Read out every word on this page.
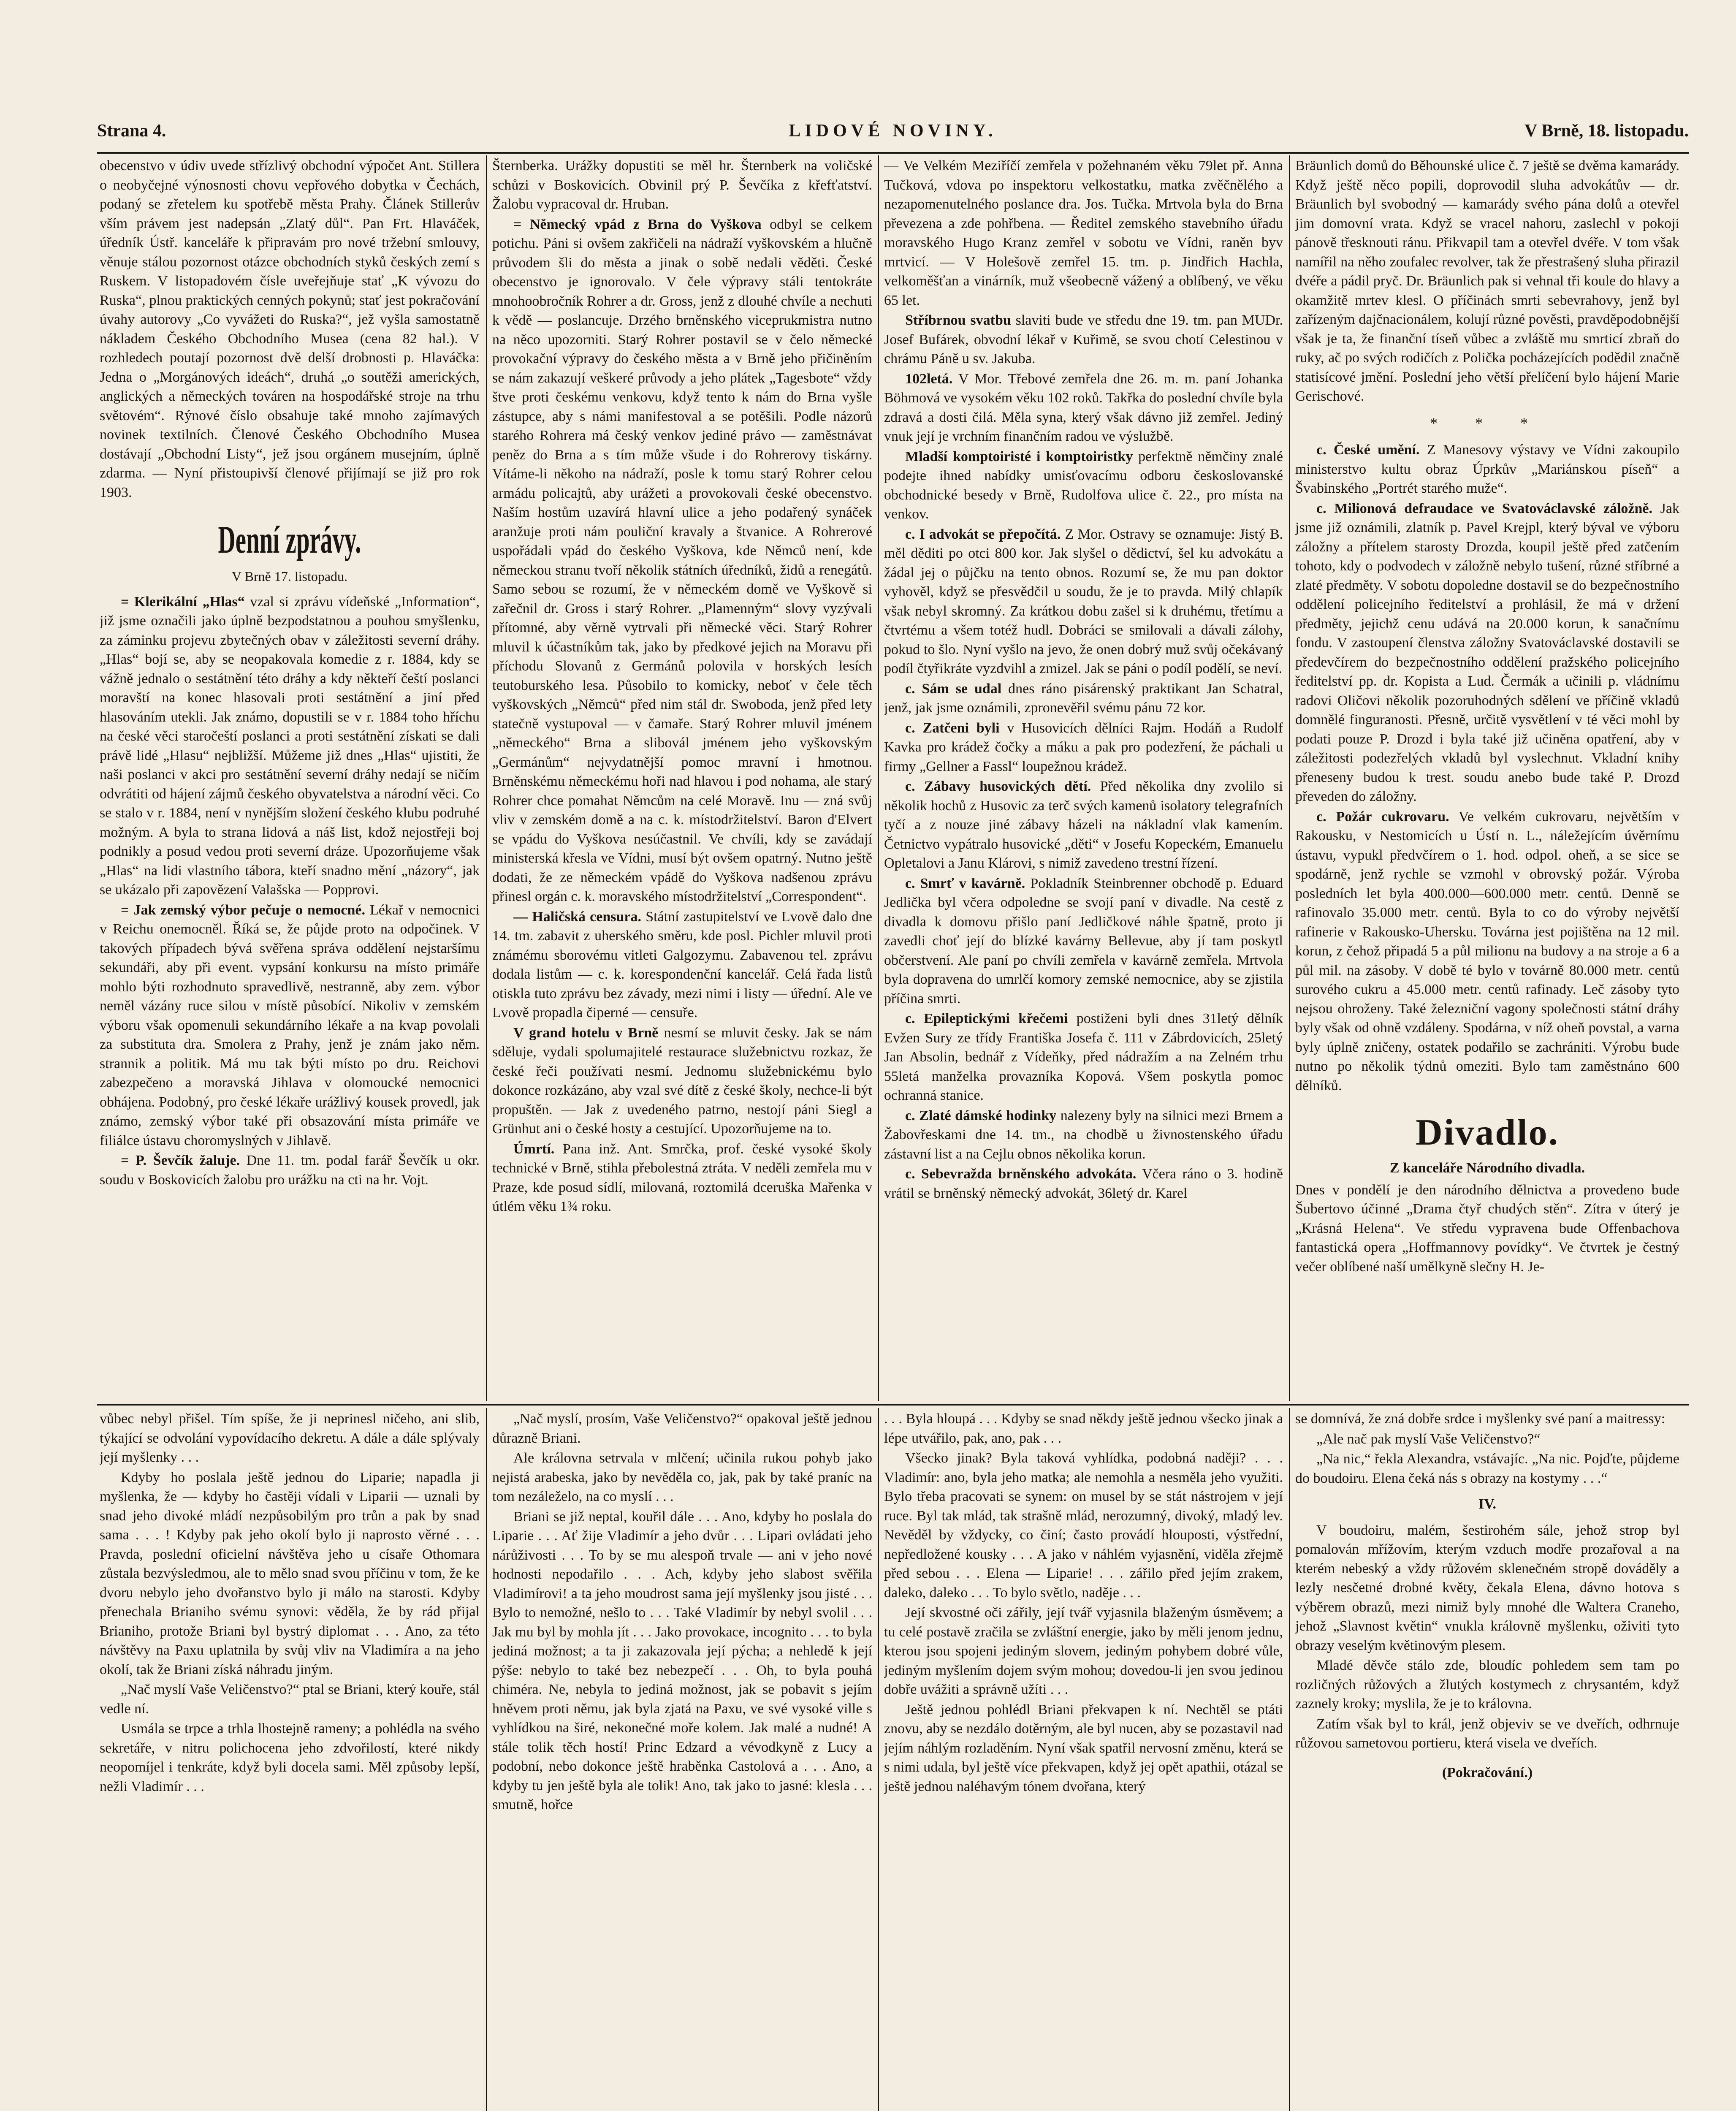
Strana 4.	LIDOVÉ NOVINY.	V Brně, 18. listopadu.

obecenstvo v údiv uvede střízlivý obchodní výpočet Ant. Stillera o neobyčejné výnosnosti chovu vepřového dobytka v Čechách, podaný se zřetelem ku spotřebě města Prahy. Článek Stillerův vším právem jest nadepsán „Zlatý důl“. Pan Frt. Hlaváček, úředník Ústř. kanceláře k připravám pro nové tržební smlouvy, věnuje stálou pozornost otázce obchodních styků českých zemí s Ruskem. V listopadovém čísle uveřejňuje stať „K vývozu do Ruska“, plnou praktických cenných pokynů; stať jest pokračování úvahy autorovy „Co vyvážeti do Ruska?“, jež vyšla samostatně nákladem Českého Obchodního Musea (cena 82 hal.). V rozhledech poutají pozornost dvě delší drobnosti p. Hlaváčka: Jedna o „Morgánových ideách“, druhá „o soutěži amerických, anglických a německých továren na hospodářské stroje na trhu světovém“. Rýnové číslo obsahuje také mnoho zajímavých novinek textilních. Členové Českého Obchodního Musea dostávají „Obchodní Listy“, jež jsou orgánem musejním, úplně zdarma. — Nyní přistoupivší členové přijímají se již pro rok 1903.

Denní zprávy.
V Brně 17. listopadu.

= Klerikální „Hlas“ vzal si zprávu vídeňské „Information“, již jsme označili jako úplně bezpodstatnou a pouhou smyšlenku, za záminku projevu zbytečných obav v záležitosti severní dráhy. „Hlas“ bojí se, aby se neopakovala komedie z r. 1884, kdy se vážně jednalo o sestátnění této dráhy a kdy někteří čeští poslanci moravští na konec hlasovali proti sestátnění a jiní před hlasováním utekli. Jak známo, dopustili se v r. 1884 toho hříchu na české věci staročeští poslanci a proti sestátnění získati se dali právě lidé „Hlasu“ nejbližší. Můžeme již dnes „Hlas“ ujistiti, že naši poslanci v akci pro sestátnění severní dráhy nedají se ničím odvrátiti od hájení zájmů českého obyvatelstva a národní věci. Co se stalo v r. 1884, není v nynějším složení českého klubu podruhé možným. A byla to strana lidová a náš list, kdož nejostřeji boj podnikly a posud vedou proti severní dráze. Upozorňujeme však „Hlas“ na lidi vlastního tábora, kteří snadno mění „názory“, jak se ukázalo při zapovězení Valašska — Popprovi.

= Jak zemský výbor pečuje o nemocné. Lékař v nemocnici v Reichu onemocněl. Říká se, že půjde proto na odpočinek. V takových případech bývá svěřena správa oddělení nejstaršímu sekundáři, aby při event. vypsání konkursu na místo primáře mohlo býti rozhodnuto spravedlivě, nestranně, aby zem. výbor neměl vázány ruce silou v místě působící. Nikoliv v zemském výboru však opomenuli sekundárního lékaře a na kvap povolali za substituta dra. Smolera z Prahy, jenž je znám jako něm. strannik a politik. Má mu tak býti místo po dru. Reichovi zabezpečeno a moravská Jihlava v olomoucké nemocnici obhájena. Podobný, pro české lékaře urážlivý kousek provedl, jak známo, zemský výbor také při obsazování místa primáře ve filiálce ústavu choromyslných v Jihlavě.

= P. Ševčík žaluje. Dne 11. tm. podal farář Ševčík u okr. soudu v Boskovicích žalobu pro urážku na cti na hr. Vojt.

Šternberka. Urážky dopustiti se měl hr. Šternberk na voličské schůzi v Boskovicích. Obvinil prý P. Ševčíka z křefťatství. Žalobu vypracoval dr. Hruban.

= Německý vpád z Brna do Vyškova odbyl se celkem potichu. Páni si ovšem zakřičeli na nádraží vyškovském a hlučně průvodem šli do města a jinak o sobě nedali věděti. České obecenstvo je ignorovalo. V čele výpravy stáli tentokráte mnohoobročník Rohrer a dr. Gross, jenž z dlouhé chvíle a nechuti k vědě — poslancuje. Drzého brněnského viceprukmistra nutno na něco upozorniti. Starý Rohrer postavil se v čelo německé provokační výpravy do českého města a v Brně jeho přičiněním se nám zakazují veškeré průvody a jeho plátek „Tagesbote“ vždy štve proti českému venkovu, když tento k nám do Brna vyšle zástupce, aby s námi manifestoval a se potěšili. Podle názorů starého Rohrera má český venkov jediné právo — zaměstnávat peněz do Brna a s tím může všude i do Rohrerovy tiskárny. Vítáme-li někoho na nádraží, posle k tomu starý Rohrer celou armádu policajtů, aby urážeti a provokovali české obecenstvo. Naším hostům uzavírá hlavní ulice a jeho podařený synáček aranžuje proti nám pouliční kravaly a štvanice. A Rohrerové uspořádali vpád do českého Vyškova, kde Němců není, kde německou stranu tvoří několik státních úředníků, židů a renegátů. Samo sebou se rozumí, že v německém domě ve Vyškově si zařečnil dr. Gross i starý Rohrer. „Plamenným“ slovy vyzývali přítomné, aby věrně vytrvali při německé věci. Starý Rohrer mluvil k účastníkům tak, jako by předkové jejich na Moravu při příchodu Slovanů z Germánů polovila v horských lesích teutoburského lesa. Působilo to komicky, neboť v čele těch vyškovských „Němců“ před nim stál dr. Swoboda, jenž před lety statečně vystupoval — v čamaře. Starý Rohrer mluvil jménem „německého“ Brna a slibovál jménem jeho vyškovským „Germánům“ nejvydatnější pomoc mravní i hmotnou. Brněnskému německému hoři nad hlavou i pod nohama, ale starý Rohrer chce pomahat Němcům na celé Moravě. Inu — zná svůj vliv v zemském domě a na c. k. místodržitelství. Baron d'Elvert se vpádu do Vyškova nesúčastnil. Ve chvíli, kdy se zavádají ministerská křesla ve Vídni, musí být ovšem opatrný. Nutno ještě dodati, že ze německém vpádě do Vyškova nadšenou zprávu přinesl orgán c. k. moravského místodržitelství „Correspondent“.

— Haličská censura. Státní zastupitelství ve Lvově dalo dne 14. tm. zabavit z uherského směru, kde posl. Pichler mluvil proti známému sborovému vitleti Galgozymu. Zabavenou tel. zprávu dodala listům — c. k. korespondenční kancelář. Celá řada listů otiskla tuto zprávu bez závady, mezi nimi i listy — úřední. Ale ve Lvově propadla čiperné — censuře.

V grand hotelu v Brně nesmí se mluvit česky. Jak se nám sděluje, vydali spolumajitelé restaurace služebnictvu rozkaz, že české řeči používati nesmí. Jednomu služebnickému bylo dokonce rozkázáno, aby vzal své dítě z české školy, nechce-li být propuštěn. — Jak z uvedeného patrno, nestojí páni Siegl a Grünhut ani o české hosty a cestující. Upozorňujeme na to.

Úmrtí. Pana inž. Ant. Smrčka, prof. české vysoké školy technické v Brně, stihla přebolestná ztráta. V neděli zemřela mu v Praze, kde posud sídlí, milovaná, roztomilá dceruška Mařenka v útlém věku 1¾ roku.

— Ve Velkém Meziříčí zemřela v požehnaném věku 79let př. Anna Tučková, vdova po inspektoru velkostatku, matka zvěčnělého a nezapomenutelného poslance dra. Jos. Tučka. Mrtvola byla do Brna převezena a zde pohřbena. — Ředitel zemského stavebního úřadu moravského Hugo Kranz zemřel v sobotu ve Vídni, raněn byv mrtvicí. — V Holešově zemřel 15. tm. p. Jindřich Hachla, velkoměšťan a vinárník, muž všeobecně vážený a oblíbený, ve věku 65 let.

Stříbrnou svatbu slaviti bude ve středu dne 19. tm. pan MUDr. Josef Bufárek, obvodní lékař v Kuřimě, se svou chotí Celestinou v chrámu Páně u sv. Jakuba.

102letá. V Mor. Třebové zemřela dne 26. m. m. paní Johanka Böhmová ve vysokém věku 102 roků. Takřka do poslední chvíle byla zdravá a dosti čilá. Měla syna, který však dávno již zemřel. Jediný vnuk její je vrchním finančním radou ve výslužbě.

Mladší komptoiristé i komptoiristky perfektně němčiny znalé podejte ihned nabídky umisťovacímu odboru českoslovanské obchodnické besedy v Brně, Rudolfova ulice č. 22., pro místa na venkov.

c. I advokát se přepočítá. Z Mor. Ostravy se oznamuje: Jistý B. měl děditi po otci 800 kor. Jak slyšel o dědictví, šel ku advokátu a žádal jej o půjčku na tento obnos. Rozumí se, že mu pan doktor vyhověl, když se přesvědčil u soudu, že je to pravda. Milý chlapík však nebyl skromný. Za krátkou dobu zašel si k druhému, třetímu a čtvrtému a všem totéž hudl. Dobráci se smilovali a dávali zálohy, pokud to šlo. Nyní vyšlo na jevo, že onen dobrý muž svůj očekávaný podíl čtyřikráte vyzdvihl a zmizel. Jak se páni o podíl podělí, se neví.

c. Sám se udal dnes ráno pisárenský praktikant Jan Schatral, jenž, jak jsme oznámili, zpronevěřil svému pánu 72 kor.

c. Zatčeni byli v Husovicích dělníci Rajm. Hodáň a Rudolf Kavka pro krádež čočky a máku a pak pro podezření, že páchali u firmy „Gellner a Fassl“ loupežnou krádež.

c. Zábavy husovických dětí. Před několika dny zvolilo si několik hochů z Husovic za terč svých kamenů isolatory telegrafních tyčí a z nouze jiné zábavy házeli na nákladní vlak kamením. Četnictvo vypátralo husovické „děti“ v Josefu Kopeckém, Emanuelu Opletalovi a Janu Klárovi, s nimiž zavedeno trestní řízení.

c. Smrť v kavárně. Pokladník Steinbrenner obchodě p. Eduard Jedlička byl včera odpoledne se svojí paní v divadle. Na cestě z divadla k domovu přišlo paní Jedličkové náhle špatně, proto ji zavedli choť její do blízké kavárny Bellevue, aby jí tam poskytl občerstvení. Ale paní po chvíli zemřela v kavárně zemřela. Mrtvola byla dopravena do umrlčí komory zemské nemocnice, aby se zjistila příčina smrti.

c. Epileptickými křečemi postiženi byli dnes 31letý dělník Evžen Sury ze třídy Františka Josefa č. 111 v Zábrdovicích, 25letý Jan Absolin, bednář z Vídeňky, před nádražím a na Zelném trhu 55letá manželka provazníka Kopová. Všem poskytla pomoc ochranná stanice.

c. Zlaté dámské hodinky nalezeny byly na silnici mezi Brnem a Žabovřeskami dne 14. tm., na chodbě u živnostenského úřadu zástavní list a na Cejlu obnos několika korun.

c. Sebevražda brněnského advokáta. Včera ráno o 3. hodině vrátil se brněnský německý advokát, 36letý dr. Karel

Bräunlich domů do Běhounské ulice č. 7 ještě se dvěma kamarády. Když ještě něco popili, doprovodil sluha advokátův — dr. Bräunlich byl svobodný — kamarády svého pána dolů a otevřel jim domovní vrata. Když se vracel nahoru, zaslechl v pokoji pánově třesknouti ránu. Přikvapil tam a otevřel dvéře. V tom však namířil na něho zoufalec revolver, tak že přestrašený sluha přirazil dvéře a pádil pryč. Dr. Bräunlich pak si vehnal tři koule do hlavy a okamžitě mrtev klesl. O příčinách smrti sebevrahovy, jenž byl zařízeným dajčnacionálem, kolují různé pověsti, pravděpodobnější však je ta, že finanční tíseň vůbec a zvláště mu smrticí zbraň do ruky, ač po svých rodičích z Polička pocházejících podědil značně statisícové jmění. Poslední jeho větší přelíčení bylo hájení Marie Gerischové.

* * *

c. České umění. Z Manesovy výstavy ve Vídni zakoupilo ministerstvo kultu obraz Úprkův „Mariánskou píseň“ a Švabinského „Portrét starého muže“.

c. Milionová defraudace ve Svatováclavské záložně. Jak jsme již oznámili, zlatník p. Pavel Krejpl, který býval ve výboru záložny a přítelem starosty Drozda, koupil ještě před zatčením tohoto, kdy o podvodech v záložně nebylo tušení, různé stříbrné a zlaté předměty. V sobotu dopoledne dostavil se do bezpečnostního oddělení policejního ředitelství a prohlásil, že má v držení předměty, jejichž cenu udává na 20.000 korun, k sanačnímu fondu. V zastoupení členstva záložny Svatováclavské dostavili se předevčírem do bezpečnostního oddělení pražského policejního ředitelství pp. dr. Kopista a Lud. Čermák a učinili p. vládnímu radovi Oličovi několik pozoruhodných sdělení ve příčině vkladů domnělé finguranosti. Přesně, určitě vysvětlení v té věci mohl by podati pouze P. Drozd i byla také již učiněna opatření, aby v záležitosti podezřelých vkladů byl vyslechnut. Vkladní knihy přeneseny budou k trest. soudu anebo bude také P. Drozd převeden do záložny.

c. Požár cukrovaru. Ve velkém cukrovaru, největším v Rakousku, v Nestomicích u Ústí n. L., náležejícím úvěrnímu ústavu, vypukl předvčírem o 1. hod. odpol. oheň, a se sice se spodárně, jenž rychle se vzmohl v obrovský požár. Výroba posledních let byla 400.000—600.000 metr. centů. Denně se rafinovalo 35.000 metr. centů. Byla to co do výroby největší rafinerie v Rakousko-Uhersku. Továrna jest pojištěna na 12 mil. korun, z čehož připadá 5 a půl milionu na budovy a na stroje a 6 a půl mil. na zásoby. V době té bylo v továrně 80.000 metr. centů surového cukru a 45.000 metr. centů rafinady. Leč zásoby tyto nejsou ohroženy. Také železniční vagony společnosti státní dráhy byly však od ohně vzdáleny. Spodárna, v níž oheň povstal, a varna byly úplně zničeny, ostatek podařilo se zachrániti. Výrobu bude nutno po několik týdnů omeziti. Bylo tam zaměstnáno 600 dělníků.

Divadlo.
Z kanceláře Národního divadla.

Dnes v pondělí je den národního dělnictva a provedeno bude Šubertovo účinné „Drama čtyř chudých stěn“. Zítra v úterý je „Krásná Helena“. Ve středu vypravena bude Offenbachova fantastická opera „Hoffmannovy povídky“. Ve čtvrtek je čestný večer oblíbené naší umělkyně slečny H. Je-

vůbec nebyl přišel. Tím spíše, že ji neprinesl ničeho, ani slib, týkající se odvolání vypovídacího dekretu. A dále a dále splývaly její myšlenky . . .

Kdyby ho poslala ještě jednou do Liparie; napadla ji myšlenka, že — kdyby ho častěji vídali v Liparii — uznali by snad jeho divoké mládí nezpůsobilým pro trůn a pak by snad sama . . . ! Kdyby pak jeho okolí bylo ji naprosto věrné . . . Pravda, poslední oficielní návštěva jeho u císaře Othomara zůstala bezvýsledmou, ale to mělo snad svou příčinu v tom, že ke dvoru nebylo jeho dvořanstvo bylo ji málo na starosti. Kdyby přenechala Brianiho svému synovi: věděla, že by rád přijal Brianiho, protože Briani byl bystrý diplomat . . . Ano, za této návštěvy na Paxu uplatnila by svůj vliv na Vladimíra a na jeho okolí, tak že Briani získá náhradu jiným.

„Nač myslí Vaše Veličenstvo?“ ptal se Briani, který kouře, stál vedle ní.

Usmála se trpce a trhla lhostejně rameny; a pohlédla na svého sekretáře, v nitru polichocena jeho zdvořilostí, které nikdy neopomíjel i tenkráte, když byli docela sami. Měl způsoby lepší, nežli Vladimír . . .

„Nač myslí, prosím, Vaše Veličenstvo?“ opakoval ještě jednou důrazně Briani.

Ale královna setrvala v mlčení; učinila rukou pohyb jako nejistá arabeska, jako by nevěděla co, jak, pak by také praníc na tom nezáleželo, na co myslí . . .

Briani se již neptal, kouřil dále . . . Ano, kdyby ho poslala do Liparie . . . Ať žije Vladimír a jeho dvůr . . . Lipari ovládati jeho nárůživosti . . . To by se mu alespoň trvale — ani v jeho nové hodnosti nepodařilo . . . Ach, kdyby jeho slabost svěřila Vladimírovi! a ta jeho moudrost sama její myšlenky jsou jisté . . . Bylo to nemožné, nešlo to . . . Také Vladimír by nebyl svolil . . . Jak mu byl by mohla jít . . . Jako provokace, incognito . . . to byla jediná možnost; a ta ji zakazovala její pýcha; a nehledě k její pýše: nebylo to také bez nebezpečí . . . Oh, to byla pouhá chiméra. Ne, nebyla to jediná možnost, jak se pobavit s jejím hněvem proti němu, jak byla zjatá na Paxu, ve své vysoké ville s vyhlídkou na širé, nekonečné moře kolem. Jak malé a nudné! A stále tolik těch hostí! Princ Edzard a vévodkyně z Lucy a podobní, nebo dokonce ještě hraběnka Castolová a . . . Ano, a kdyby tu jen ještě byla ale tolik! Ano, tak jako to jasné: klesla . . . smutně, hořce

. . . Byla hloupá . . . Kdyby se snad někdy ještě jednou všecko jinak a lépe utvářilo, pak, ano, pak . . .

Všecko jinak? Byla taková vyhlídka, podobná naději? . . . Vladimír: ano, byla jeho matka; ale nemohla a nesměla jeho využiti. Bylo třeba pracovati se synem: on musel by se stát nástrojem v její ruce. Byl tak mlád, tak strašně mlád, nerozumný, divoký, mladý lev. Nevěděl by vždycky, co činí; často provádí hlouposti, výstřední, nepředložené kousky . . . A jako v náhlém vyjasnění, viděla zřejmě před sebou . . . Elena — Liparie! . . . zářilo před jejím zrakem, daleko, daleko . . . To bylo světlo, naděje . . .

Její skvostné oči zářily, její tvář vyjasnila blaženým úsměvem; a tu celé postavě zračila se zvláštní energie, jako by měli jenom jednu, kterou jsou spojeni jediným slovem, jediným pohybem dobré vůle, jediným myšlením dojem svým mohou; dovedou-li jen svou jedinou dobře uvážiti a správně užíti . . .

Ještě jednou pohlédl Briani překvapen k ní. Nechtěl se ptáti znovu, aby se nezdálo dotěrným, ale byl nucen, aby se pozastavil nad jejím náhlým rozladěním. Nyní však spatřil nervosní změnu, která se s nimi udala, byl ještě více překvapen, když jej opět apathii, otázal se ještě jednou naléhavým tónem dvořana, který

se domnívá, že zná dobře srdce i myšlenky své paní a maitressy:

„Ale nač pak myslí Vaše Veličenstvo?“

„Na nic,“ řekla Alexandra, vstávajíc. „Na nic. Pojďte, půjdeme do boudoiru. Elena čeká nás s obrazy na kostymy . . .“

IV.

V boudoiru, malém, šestirohém sále, jehož strop byl pomalován mřížovím, kterým vzduch modře prozařoval a na kterém nebeský a vždy růžovém sklenečném stropě dováděly a lezly nesčetné drobné květy, čekala Elena, dávno hotova s výběrem obrazů, mezi nimiž byly mnohé dle Waltera Craneho, jehož „Slavnost květin“ vnukla královně myšlenku, oživiti tyto obrazy veselým květinovým plesem.

Mladé děvče stálo zde, bloudíc pohledem sem tam po rozličných růžových a žlutých kostymech z chrysantém, když zaznely kroky; myslila, že je to královna.

Zatím však byl to král, jenž objeviv se ve dveřích, odhrnuje růžovou sametovou portieru, která visela ve dveřích.

(Pokračování.)
